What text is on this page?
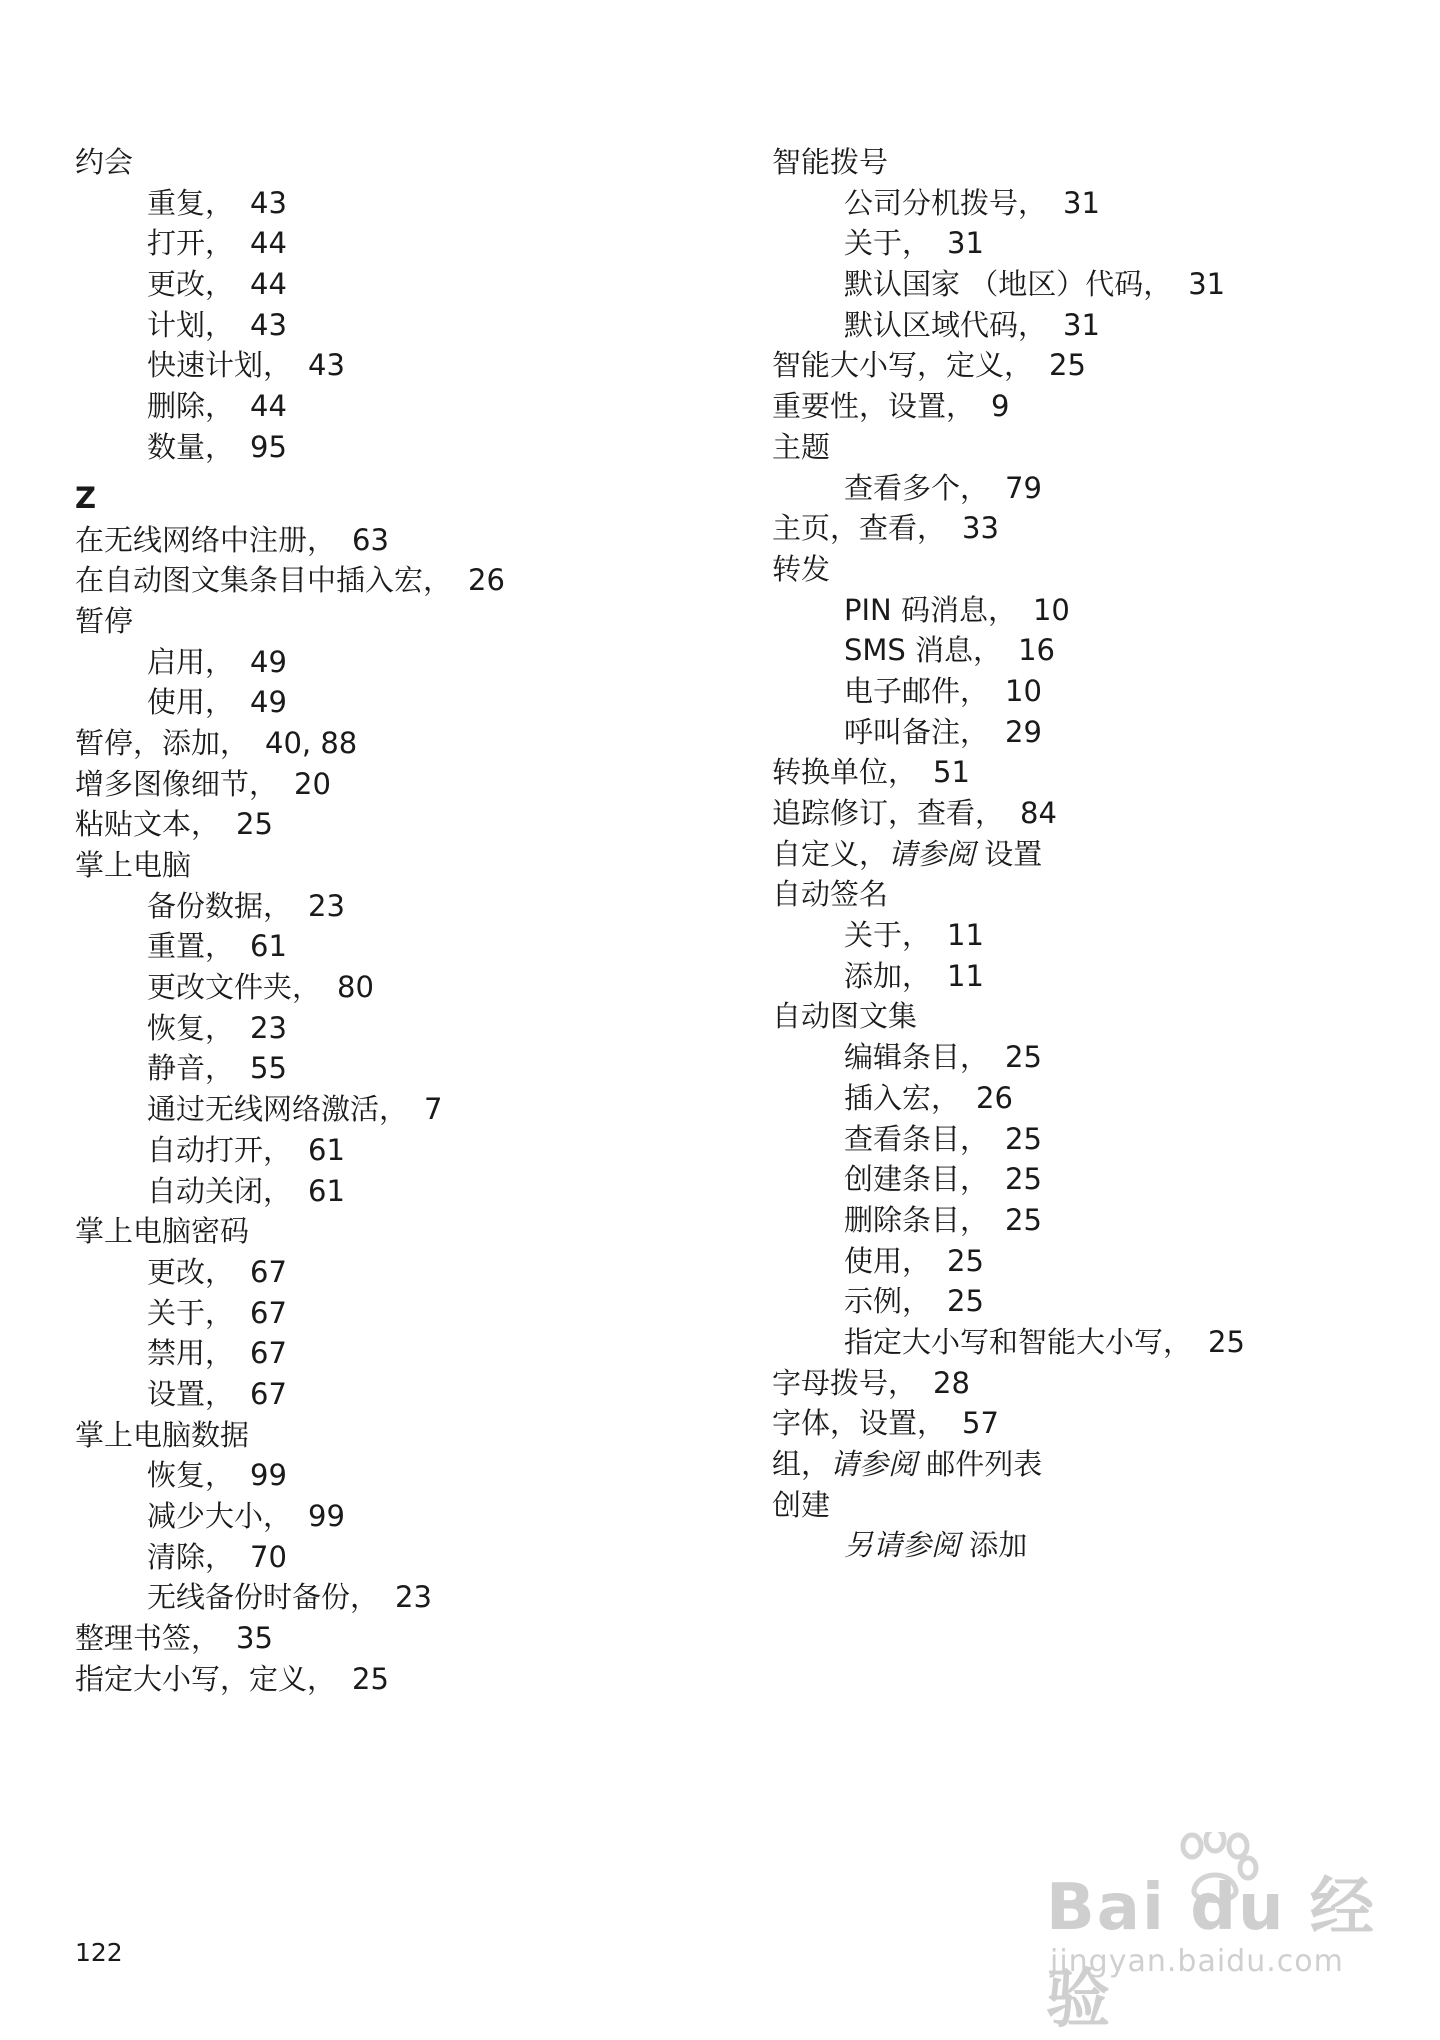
约会
重复， 43
打开， 44
更改， 44
计划， 43
快速计划， 43
删除， 44
数量， 95
Z
在无线网络中注册， 63
在自动图文集条目中插入宏， 26
暂停
启用， 49
使用， 49
暂停，添加， 40, 88
增多图像细节， 20
粘贴文本， 25
掌上电脑
备份数据， 23
重置， 61
更改文件夹， 80
恢复， 23
静音， 55
通过无线网络激活， 7
自动打开， 61
自动关闭， 61
掌上电脑密码
更改， 67
关于， 67
禁用， 67
设置， 67
掌上电脑数据
恢复， 99
减少大小， 99
清除， 70
无线备份时备份， 23
整理书签， 35
指定大小写，定义， 25
智能拨号
公司分机拨号， 31
关于， 31
默认国家 （地区）代码， 31
默认区域代码， 31
智能大小写，定义， 25
重要性，设置， 9
主题
查看多个， 79
主页，查看， 33
转发
PIN 码消息， 10
SMS 消息， 16
电子邮件， 10
呼叫备注， 29
转换单位， 51
追踪修订，查看， 84
自定义，请参阅 设置
自动签名
关于， 11
添加， 11
自动图文集
编辑条目， 25
插入宏， 26
查看条目， 25
创建条目， 25
删除条目， 25
使用， 25
示例， 25
指定大小写和智能大小写， 25
字母拨号， 28
字体，设置， 57
组，请参阅 邮件列表
创建
另请参阅 添加
122
Bai du 经验
jingyan.baidu.com
